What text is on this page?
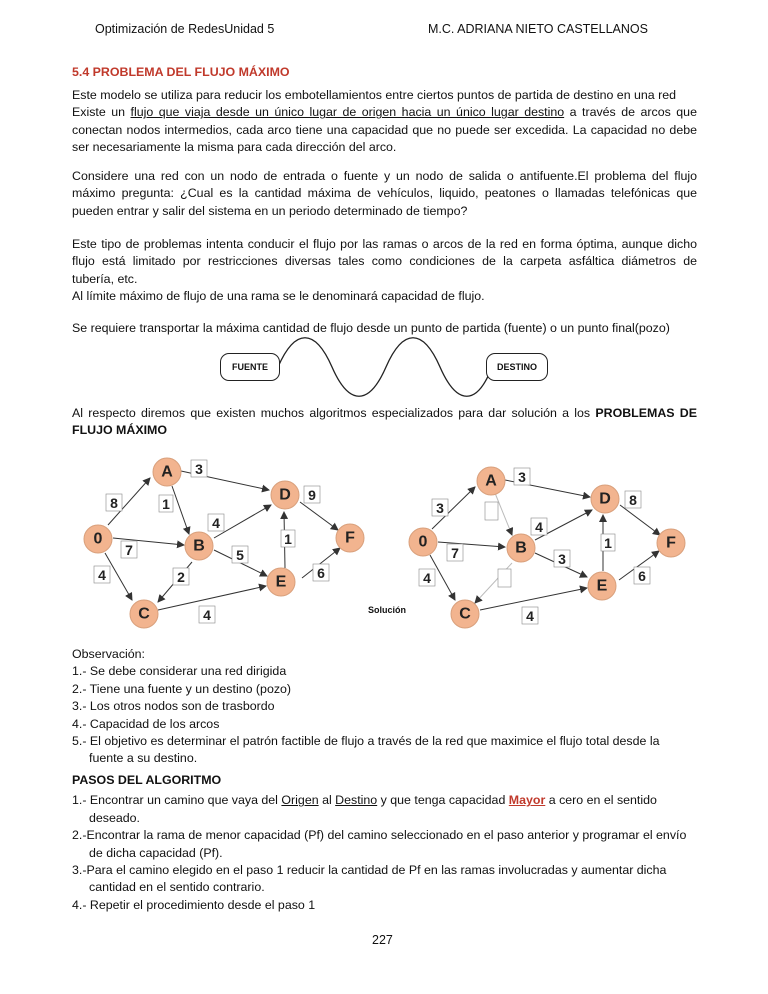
Optimización de RedesUnidad 5	M.C. ADRIANA NIETO CASTELLANOS
5.4 PROBLEMA DEL FLUJO MÁXIMO
Este modelo se utiliza para reducir los embotellamientos entre ciertos puntos de partida de destino en una red
Existe un flujo que viaja desde un único lugar de origen hacia un único lugar destino a través de arcos que
conectan nodos intermedios, cada arco tiene una capacidad que no puede ser excedida. La capacidad no debe
ser necesariamente la misma para cada dirección del arco.
Considere una red con un nodo de entrada o fuente y un nodo de salida o antifuente.El problema del flujo
máximo pregunta: ¿Cual es la cantidad máxima de vehículos, liquido, peatones o llamadas telefónicas que
pueden entrar y salir del sistema en un periodo determinado de tiempo?
Este tipo de problemas intenta conducir el flujo por las ramas o arcos de la red en forma óptima, aunque dicho
flujo está limitado por restricciones diversas tales como condiciones de la carpeta asfáltica diámetros de
tubería, etc.
Al límite máximo de flujo de una rama se le denominará capacidad de flujo.
Se requiere transportar la máxima cantidad de flujo desde un punto de partida (fuente) o un punto final(pozo)
FUENTE	DESTINO
Al respecto diremos que existen muchos algoritmos especializados para dar solución a los PROBLEMAS DE
FLUJO MÁXIMO
A
D
0	B	F
E
C
3
8	1
9
4
7
1
5
4	2	6
4	Solución
A
D
0	B	F
E
C
3
3	8
4
7
1
3
4	6
4
Observación:
1.- Se debe considerar una red dirigida
2.- Tiene una fuente y un destino (pozo)
3.- Los otros nodos son de trasbordo
4.- Capacidad de los arcos
5.- El objetivo es determinar el patrón factible de flujo a través de la red que maximice el flujo total desde la
fuente a su destino.
PASOS DEL ALGORITMO
1.- Encontrar un camino que vaya del Origen al Destino y que tenga capacidad Mayor a cero en el sentido
deseado.
2.-Encontrar la rama de menor capacidad (Pf) del camino seleccionado en el paso anterior y programar el envío
de dicha capacidad (Pf).
3.-Para el camino elegido en el paso 1 reducir la cantidad de Pf en las ramas involucradas y aumentar dicha
cantidad en el sentido contrario.
4.- Repetir el procedimiento desde el paso 1
227
